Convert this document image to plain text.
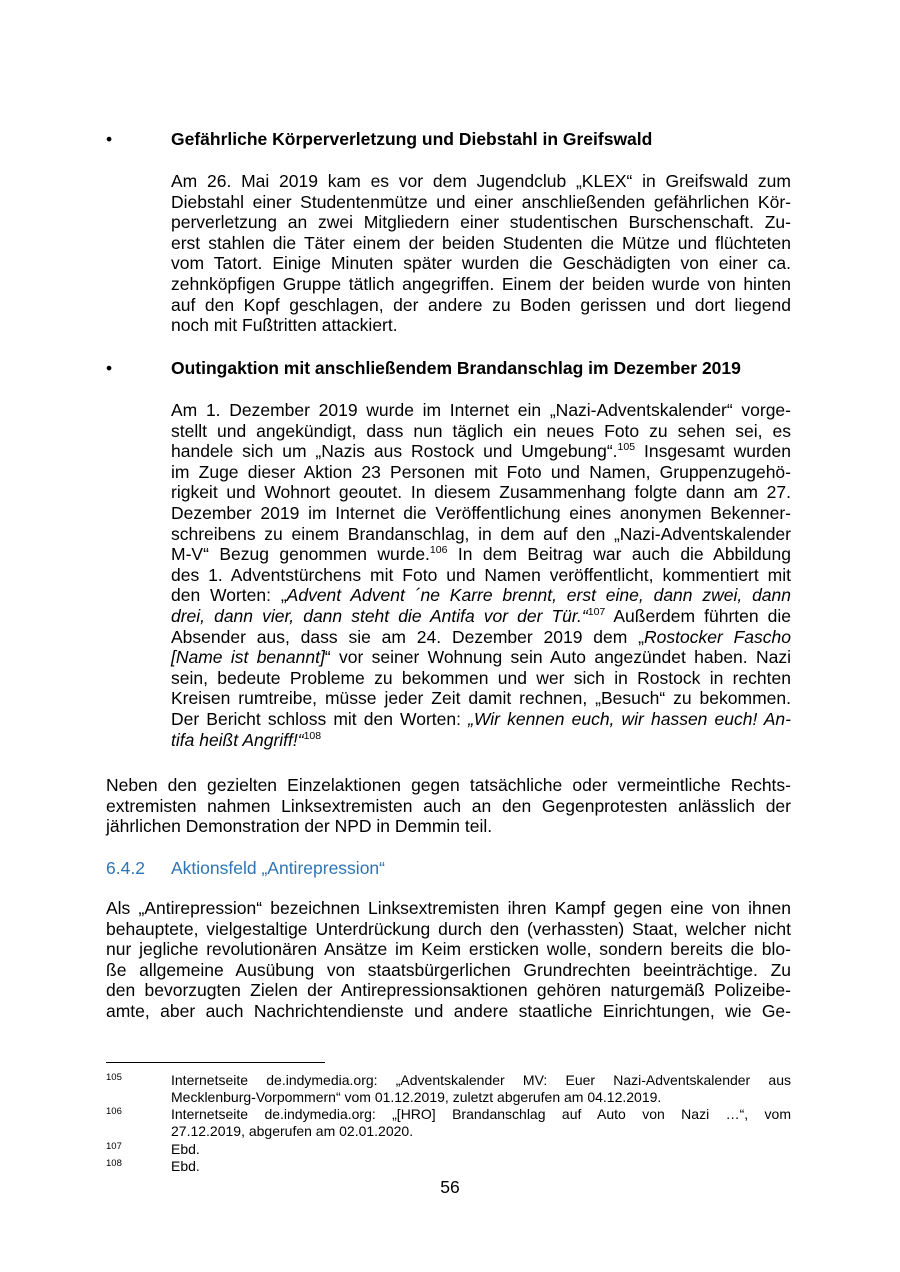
•	Gefährliche Körperverletzung und Diebstahl in Greifswald
Am 26. Mai 2019 kam es vor dem Jugendclub „KLEX“ in Greifswald zum
Diebstahl einer Studentenmütze und einer anschließenden gefährlichen Kör-
perverletzung an zwei Mitgliedern einer studentischen Burschenschaft. Zu-
erst stahlen die Täter einem der beiden Studenten die Mütze und flüchteten
vom Tatort. Einige Minuten später wurden die Geschädigten von einer ca.
zehnköpfigen Gruppe tätlich angegriffen. Einem der beiden wurde von hinten
auf den Kopf geschlagen, der andere zu Boden gerissen und dort liegend
noch mit Fußtritten attackiert.
•	Outingaktion mit anschließendem Brandanschlag im Dezember 2019
Am 1. Dezember 2019 wurde im Internet ein „Nazi-Adventskalender“ vorge-
stellt und angekündigt, dass nun täglich ein neues Foto zu sehen sei, es
handele sich um „Nazis aus Rostock und Umgebung“.$^{105}$ Insgesamt wurden
im Zuge dieser Aktion 23 Personen mit Foto und Namen, Gruppenzugehö-
rigkeit und Wohnort geoutet. In diesem Zusammenhang folgte dann am 27.
Dezember 2019 im Internet die Veröffentlichung eines anonymen Bekenner-
schreibens zu einem Brandanschlag, in dem auf den „Nazi-Adventskalender
M-V“ Bezug genommen wurde.$^{106}$ In dem Beitrag war auch die Abbildung
des 1. Adventstürchens mit Foto und Namen veröffentlicht, kommentiert mit
den Worten: „Advent Advent ´ne Karre brennt, erst eine, dann zwei, dann
drei, dann vier, dann steht die Antifa vor der Tür.“$^{107}$ Außerdem führten die
Absender aus, dass sie am 24. Dezember 2019 dem „Rostocker Fascho
[Name ist benannt]“ vor seiner Wohnung sein Auto angezündet haben. Nazi
sein, bedeute Probleme zu bekommen und wer sich in Rostock in rechten
Kreisen rumtreibe, müsse jeder Zeit damit rechnen, „Besuch“ zu bekommen.
Der Bericht schloss mit den Worten: „Wir kennen euch, wir hassen euch! An-
tifa heißt Angriff!“$^{108}$
Neben den gezielten Einzelaktionen gegen tatsächliche oder vermeintliche Rechts-
extremisten nahmen Linksextremisten auch an den Gegenprotesten anlässlich der
jährlichen Demonstration der NPD in Demmin teil.
6.4.2 Aktionsfeld „Antirepression“
Als „Antirepression“ bezeichnen Linksextremisten ihren Kampf gegen eine von ihnen
behauptete, vielgestaltige Unterdrückung durch den (verhassten) Staat, welcher nicht
nur jegliche revolutionären Ansätze im Keim ersticken wolle, sondern bereits die blo-
ße allgemeine Ausübung von staatsbürgerlichen Grundrechten beeinträchtige. Zu
den bevorzugten Zielen der Antirepressionsaktionen gehören naturgemäß Polizeibe-
amte, aber auch Nachrichtendienste und andere staatliche Einrichtungen, wie Ge-
105	Internetseite de.indymedia.org: „Adventskalender MV: Euer Nazi-Adventskalender aus
Mecklenburg-Vorpommern“ vom 01.12.2019, zuletzt abgerufen am 04.12.2019.
106	Internetseite de.indymedia.org: „[HRO] Brandanschlag auf Auto von Nazi …“, vom
27.12.2019, abgerufen am 02.01.2020.
107	Ebd.
108	Ebd.
56
